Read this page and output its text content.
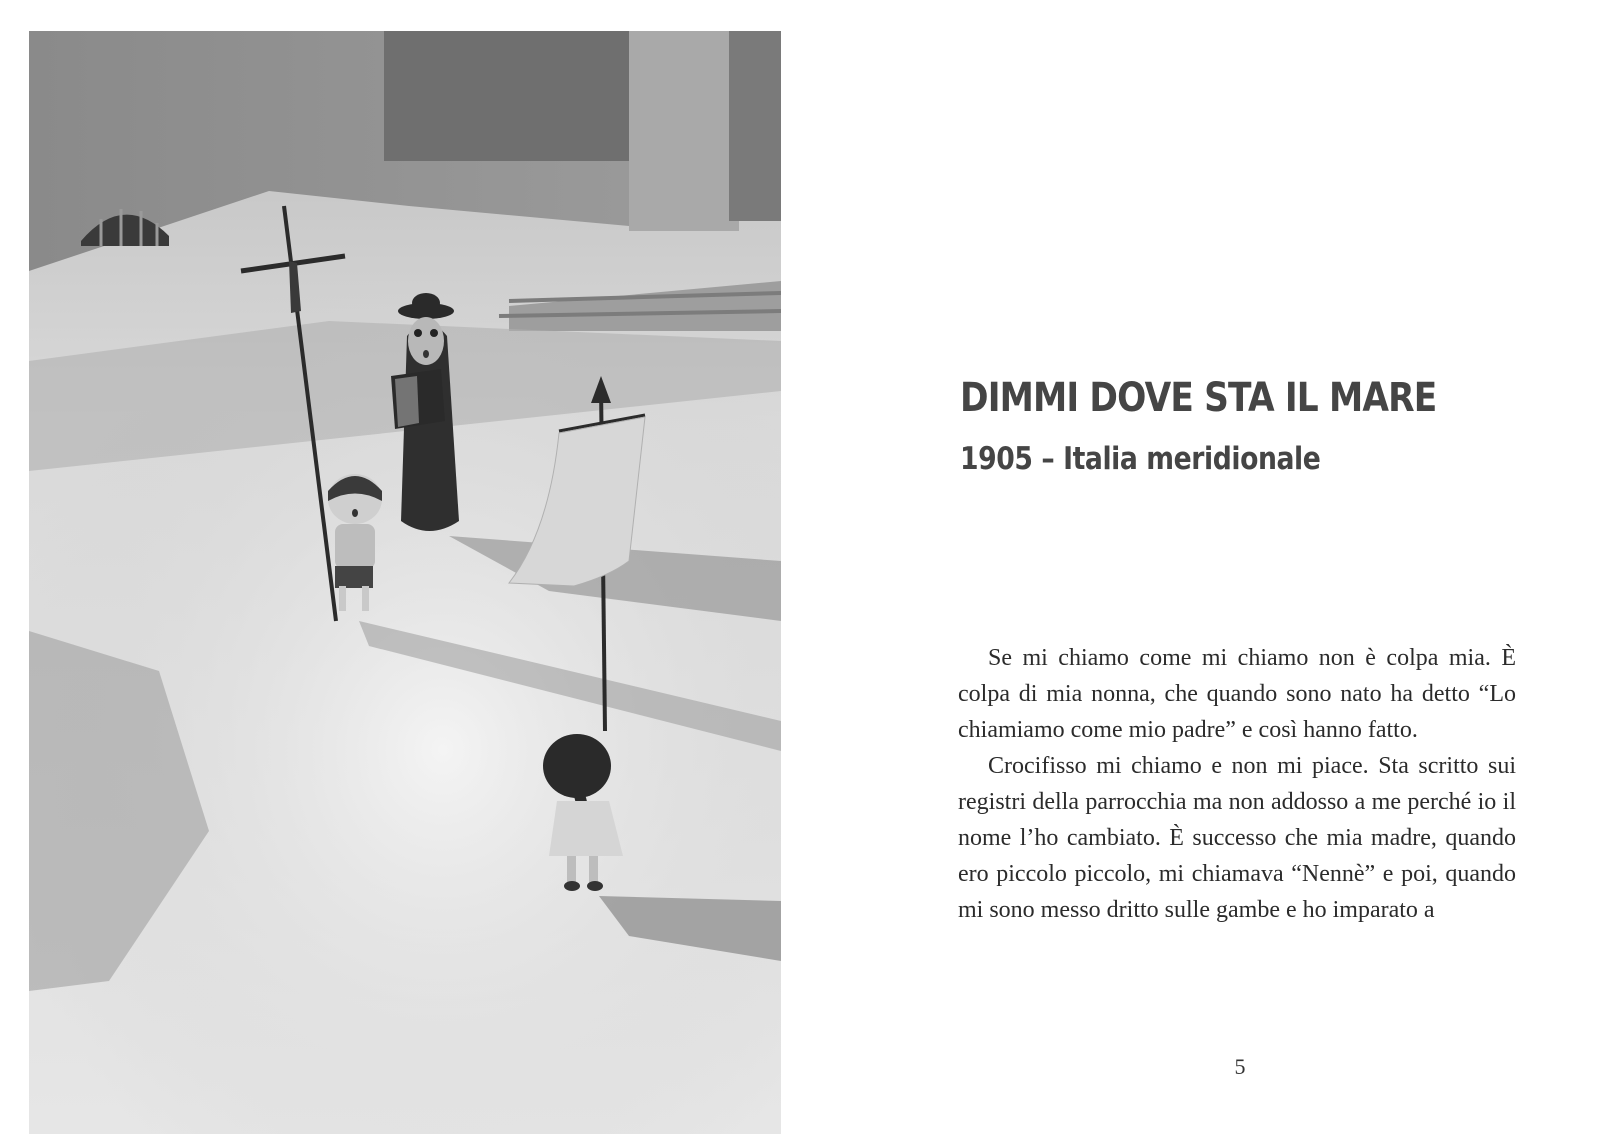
DIMMI DOVE STA IL MARE
1905 – Italia meridionale

Se mi chiamo come mi chiamo non è colpa mia. È colpa di mia nonna, che quando sono nato ha detto “Lo chiamiamo come mio padre” e così hanno fatto.

Crocifisso mi chiamo e non mi piace. Sta scritto sui registri della parrocchia ma non addosso a me perché io il nome l’ho cambiato. È successo che mia madre, quando ero piccolo piccolo, mi chiamava “Nennè” e poi, quando mi sono messo dritto sulle gambe e ho imparato a

5
